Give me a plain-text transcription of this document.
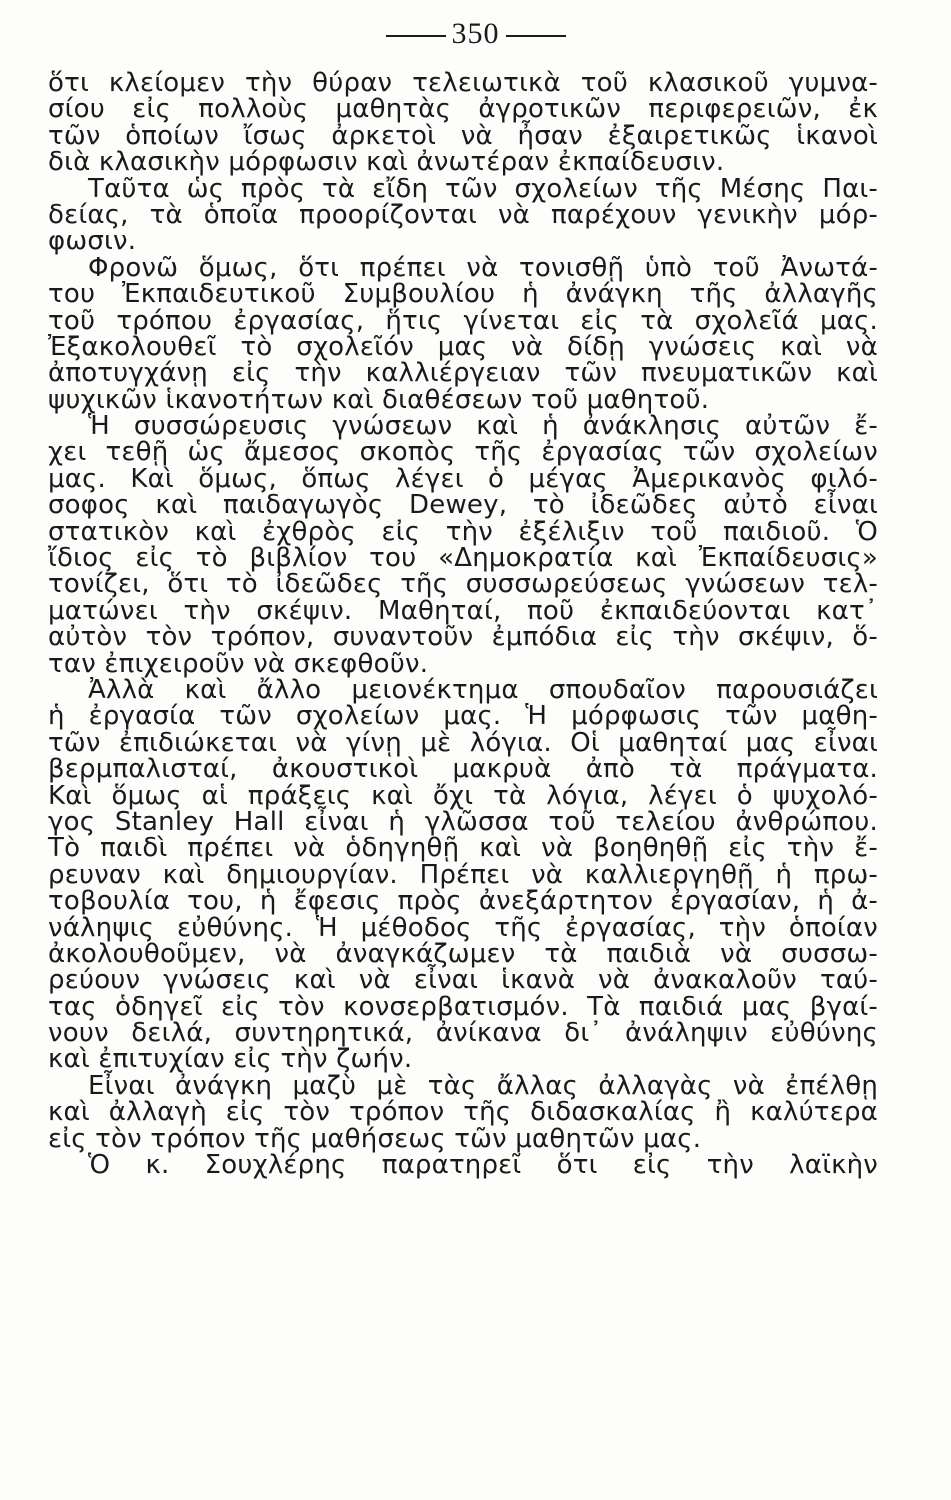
350
ὅτι κλείομεν τὴν θύραν τελειωτικὰ τοῦ κλασικοῦ γυμνα-
σίου εἰς πολλοὺς μαθητὰς ἀγροτικῶν περιφερειῶν, ἐκ
τῶν ὁποίων ἴσως ἀρκετοὶ νὰ ἦσαν ἐξαιρετικῶς ἱκανοὶ
διὰ κλασικὴν μόρφωσιν καὶ ἀνωτέραν ἐκπαίδευσιν.
Ταῦτα ὡς πρὸς τὰ εἴδη τῶν σχολείων τῆς Μέσης Παι-
δείας, τὰ ὁποῖα προορίζονται νὰ παρέχουν γενικὴν μόρ-
φωσιν.
Φρονῶ ὅμως, ὅτι πρέπει νὰ τονισθῇ ὑπὸ τοῦ Ἀνωτά-
του Ἐκπαιδευτικοῦ Συμβουλίου ἡ ἀνάγκη τῆς ἀλλαγῆς
τοῦ τρόπου ἐργασίας, ἥτις γίνεται εἰς τὰ σχολεῖά μας.
Ἐξακολουθεῖ τὸ σχολεῖόν μας νὰ δίδῃ γνώσεις καὶ νὰ
ἀποτυγχάνῃ εἰς τὴν καλλιέργειαν τῶν πνευματικῶν καὶ
ψυχικῶν ἱκανοτήτων καὶ διαθέσεων τοῦ μαθητοῦ.
Ἡ συσσώρευσις γνώσεων καὶ ἡ ἀνάκλησις αὐτῶν ἔ-
χει τεθῇ ὡς ἄμεσος σκοπὸς τῆς ἐργασίας τῶν σχολείων
μας. Καὶ ὅμως, ὅπως λέγει ὁ μέγας Ἀμερικανὸς φιλό-
σοφος καὶ παιδαγωγὸς Dewey, τὸ ἰδεῶδες αὐτὸ εἶναι
στατικὸν καὶ ἐχθρὸς εἰς τὴν ἐξέλιξιν τοῦ παιδιοῦ. Ὁ
ἴδιος εἰς τὸ βιβλίον του «Δημοκρατία καὶ Ἐκπαίδευσις»
τονίζει, ὅτι τὸ ἰδεῶδες τῆς συσσωρεύσεως γνώσεων τελ-
ματώνει τὴν σκέψιν. Μαθηταί, ποῦ ἐκπαιδεύονται κατ᾽
αὐτὸν τὸν τρόπον, συναντοῦν ἐμπόδια εἰς τὴν σκέψιν, ὅ-
ταν ἐπιχειροῦν νὰ σκεφθοῦν.
Ἀλλὰ καὶ ἄλλο μειονέκτημα σπουδαῖον παρουσιάζει
ἡ ἐργασία τῶν σχολείων μας. Ἡ μόρφωσις τῶν μαθη-
τῶν ἐπιδιώκεται νὰ γίνῃ μὲ λόγια. Οἱ μαθηταί μας εἶναι
βερμπαλισταί, ἀκουστικοὶ μακρυὰ ἀπὸ τὰ πράγματα.
Καὶ ὅμως αἱ πράξεις καὶ ὄχι τὰ λόγια, λέγει ὁ ψυχολό-
γος Stanley Hall εἶναι ἡ γλῶσσα τοῦ τελείου ἀνθρώπου.
Τὸ παιδὶ πρέπει νὰ ὁδηγηθῇ καὶ νὰ βοηθηθῇ εἰς τὴν ἔ-
ρευναν καὶ δημιουργίαν. Πρέπει νὰ καλλιεργηθῇ ἡ πρω-
τοβουλία του, ἡ ἔφεσις πρὸς ἀνεξάρτητον ἐργασίαν, ἡ ἀ-
νάληψις εὐθύνης. Ἡ μέθοδος τῆς ἐργασίας, τὴν ὁποίαν
ἀκολουθοῦμεν, νὰ ἀναγκάζωμεν τὰ παιδιὰ νὰ συσσω-
ρεύουν γνώσεις καὶ νὰ εἶναι ἱκανὰ νὰ ἀνακαλοῦν ταύ-
τας ὁδηγεῖ εἰς τὸν κονσερβατισμόν. Τὰ παιδιά μας βγαί-
νουν δειλά, συντηρητικά, ἀνίκανα δι᾽ ἀνάληψιν εὐθύνης
καὶ ἐπιτυχίαν εἰς τὴν ζωήν.
Εἶναι ἀνάγκη μαζὺ μὲ τὰς ἄλλας ἀλλαγὰς νὰ ἐπέλθῃ
καὶ ἀλλαγὴ εἰς τὸν τρόπον τῆς διδασκαλίας ἢ καλύτερα
εἰς τὸν τρόπον τῆς μαθήσεως τῶν μαθητῶν μας.
Ὁ κ. Σουχλέρης παρατηρεῖ ὅτι εἰς τὴν λαϊκὴν
